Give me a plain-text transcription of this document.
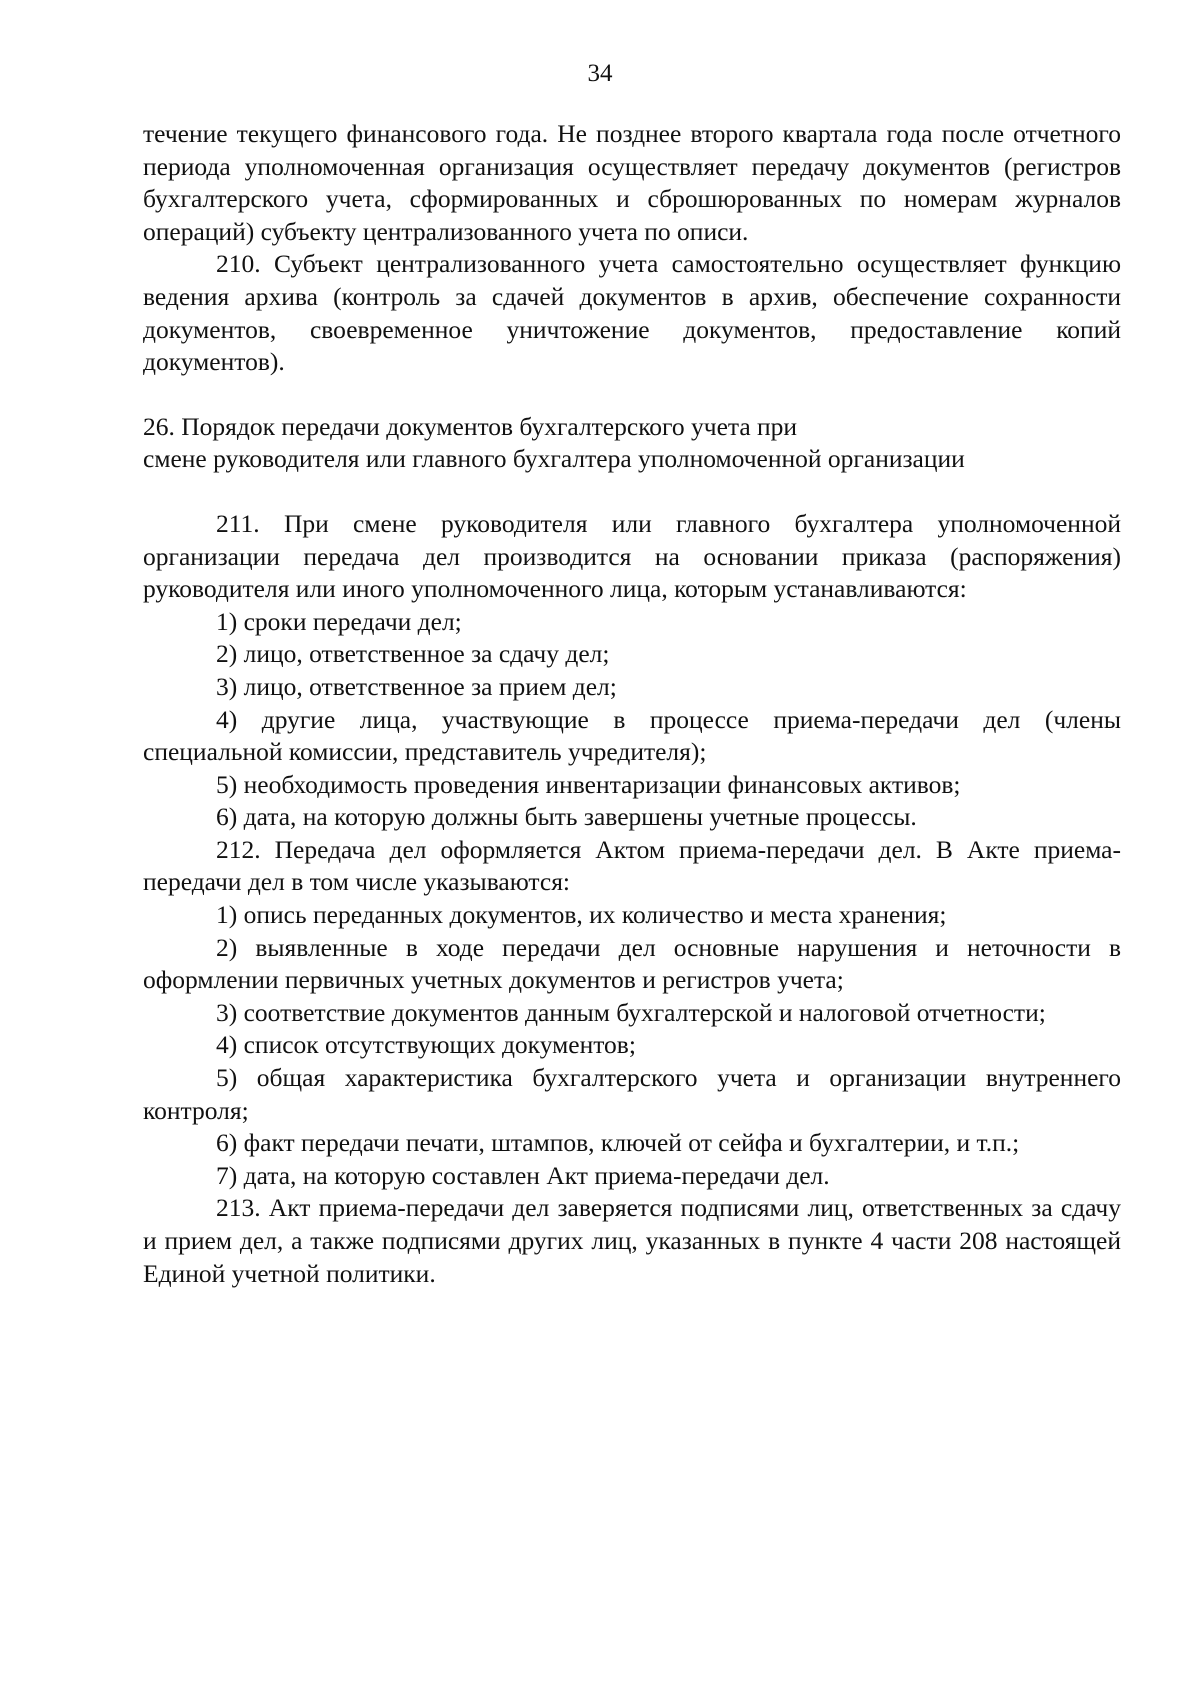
34

течение текущего финансового года. Не позднее второго квартала года после отчетного периода уполномоченная организация осуществляет передачу документов (регистров бухгалтерского учета, сформированных и сброшюрованных по номерам журналов операций) субъекту централизованного учета по описи.

210. Субъект централизованного учета самостоятельно осуществляет функцию ведения архива (контроль за сдачей документов в архив, обеспечение сохранности документов, своевременное уничтожение документов, предоставление копий документов).

26. Порядок передачи документов бухгалтерского учета при

смене руководителя или главного бухгалтера уполномоченной организации

211. При смене руководителя или главного бухгалтера уполномоченной организации передача дел производится на основании приказа (распоряжения) руководителя или иного уполномоченного лица, которым устанавливаются:

1) сроки передачи дел;

2) лицо, ответственное за сдачу дел;

3) лицо, ответственное за прием дел;

4) другие лица, участвующие в процессе приема-передачи дел (члены специальной комиссии, представитель учредителя);

5) необходимость проведения инвентаризации финансовых активов;

6) дата, на которую должны быть завершены учетные процессы.

212. Передача дел оформляется Актом приема-передачи дел. В Акте приема-передачи дел в том числе указываются:

1) опись переданных документов, их количество и места хранения;

2) выявленные в ходе передачи дел основные нарушения и неточности в оформлении первичных учетных документов и регистров учета;

3) соответствие документов данным бухгалтерской и налоговой отчетности;

4) список отсутствующих документов;

5) общая характеристика бухгалтерского учета и организации внутреннего контроля;

6) факт передачи печати, штампов, ключей от сейфа и бухгалтерии, и т.п.;

7) дата, на которую составлен Акт приема-передачи дел.

213. Акт приема-передачи дел заверяется подписями лиц, ответственных за сдачу и прием дел, а также подписями других лиц, указанных в пункте 4 части 208 настоящей Единой учетной политики.
